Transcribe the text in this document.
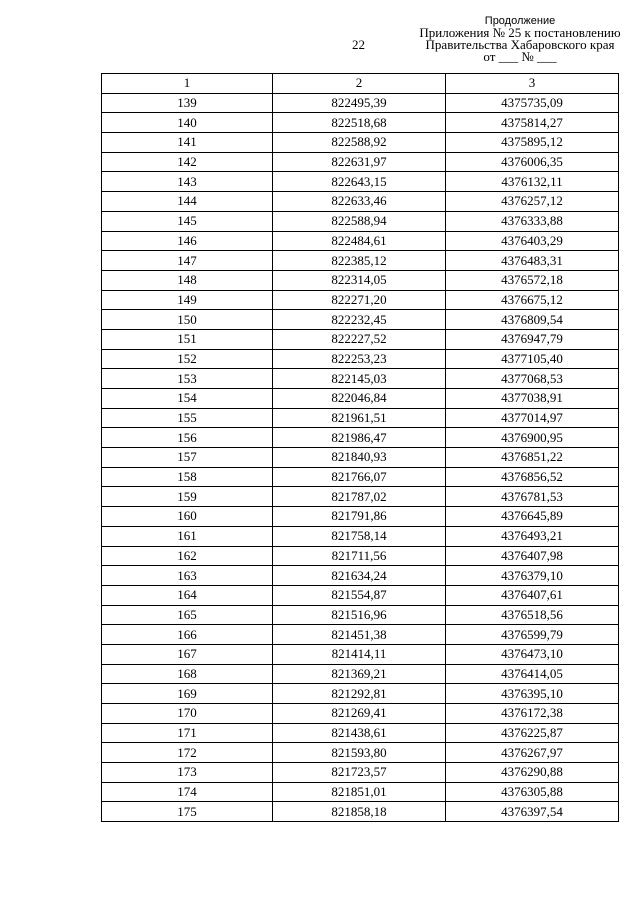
22
Продолжение
Приложения № 25 к постановлению
Правительства Хабаровского края
от ___ № ___
1	2	3
139	822495,39	4375735,09
140	822518,68	4375814,27
141	822588,92	4375895,12
142	822631,97	4376006,35
143	822643,15	4376132,11
144	822633,46	4376257,12
145	822588,94	4376333,88
146	822484,61	4376403,29
147	822385,12	4376483,31
148	822314,05	4376572,18
149	822271,20	4376675,12
150	822232,45	4376809,54
151	822227,52	4376947,79
152	822253,23	4377105,40
153	822145,03	4377068,53
154	822046,84	4377038,91
155	821961,51	4377014,97
156	821986,47	4376900,95
157	821840,93	4376851,22
158	821766,07	4376856,52
159	821787,02	4376781,53
160	821791,86	4376645,89
161	821758,14	4376493,21
162	821711,56	4376407,98
163	821634,24	4376379,10
164	821554,87	4376407,61
165	821516,96	4376518,56
166	821451,38	4376599,79
167	821414,11	4376473,10
168	821369,21	4376414,05
169	821292,81	4376395,10
170	821269,41	4376172,38
171	821438,61	4376225,87
172	821593,80	4376267,97
173	821723,57	4376290,88
174	821851,01	4376305,88
175	821858,18	4376397,54
